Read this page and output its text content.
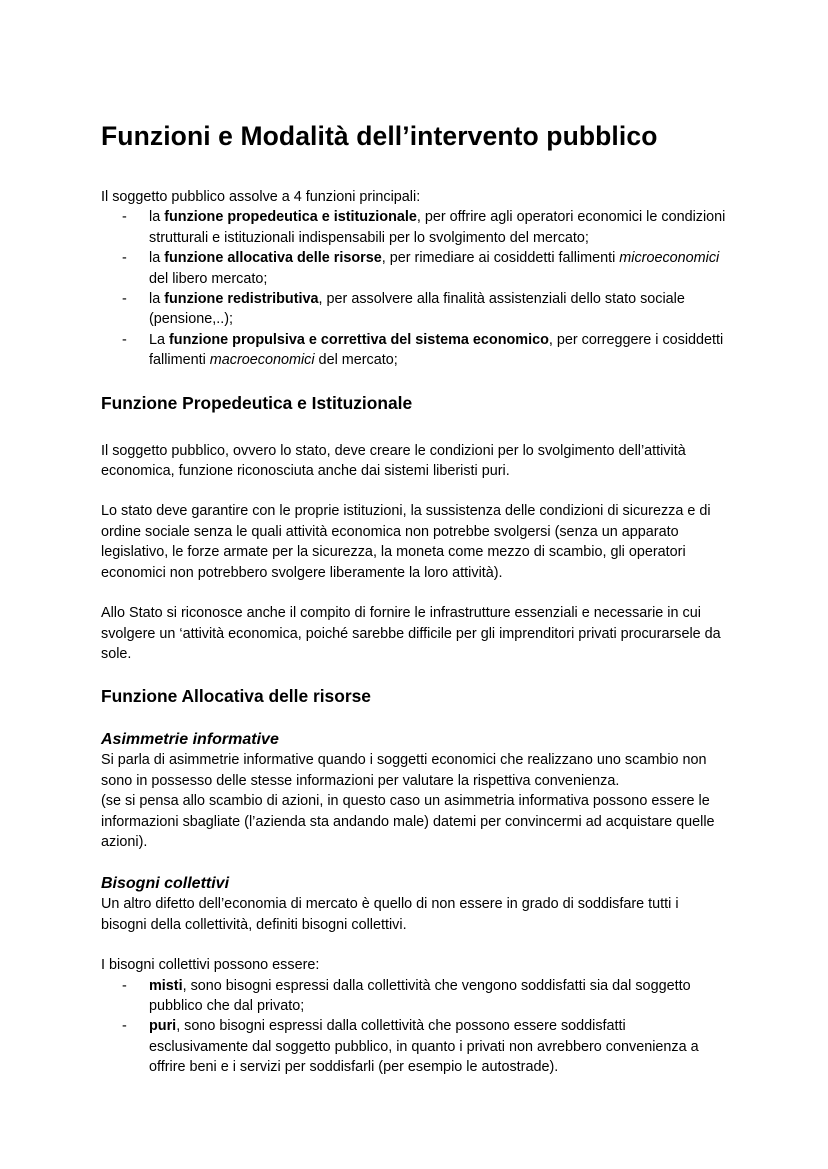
Funzioni e Modalità dell’intervento pubblico

Il soggetto pubblico assolve a 4 funzioni principali:

- la funzione propedeutica e istituzionale, per offrire agli operatori economici le condizioni strutturali e istituzionali indispensabili per lo svolgimento del mercato;
- la funzione allocativa delle risorse, per rimediare ai cosiddetti fallimenti microeconomici del libero mercato;
- la funzione redistributiva, per assolvere alla finalità assistenziali dello stato sociale (pensione,..);
- La funzione propulsiva e correttiva del sistema economico, per correggere i cosiddetti fallimenti macroeconomici del mercato;
Funzione Propedeutica e Istituzionale

Il soggetto pubblico, ovvero lo stato, deve creare le condizioni per lo svolgimento dell’attività economica, funzione riconosciuta anche dai sistemi liberisti puri.

Lo stato deve garantire con le proprie istituzioni, la sussistenza delle condizioni di sicurezza e di ordine sociale senza le quali attività economica non potrebbe svolgersi (senza un apparato legislativo, le forze armate per la sicurezza, la moneta come mezzo di scambio, gli operatori economici non potrebbero svolgere liberamente la loro attività).

Allo Stato si riconosce anche il compito di fornire le infrastrutture essenziali e necessarie in cui svolgere un ‘attività economica, poiché sarebbe difficile per gli imprenditori privati procurarsele da sole.

Funzione Allocativa delle risorse
Asimmetrie informative

Si parla di asimmetrie informative quando i soggetti economici che realizzano uno scambio non sono in possesso delle stesse informazioni per valutare la rispettiva convenienza.

(se si pensa allo scambio di azioni, in questo caso un asimmetria informativa possono essere le informazioni sbagliate (l’azienda sta andando male) datemi per convincermi ad acquistare quelle azioni).

Bisogni collettivi

Un altro difetto dell’economia di mercato è quello di non essere in grado di soddisfare tutti i bisogni della collettività, definiti bisogni collettivi.

I bisogni collettivi possono essere:

- misti, sono bisogni espressi dalla collettività che vengono soddisfatti sia dal soggetto pubblico che dal privato;
- puri, sono bisogni espressi dalla collettività che possono essere soddisfatti esclusivamente dal soggetto pubblico, in quanto i privati non avrebbero convenienza a offrire beni e i servizi per soddisfarli (per esempio le autostrade).
